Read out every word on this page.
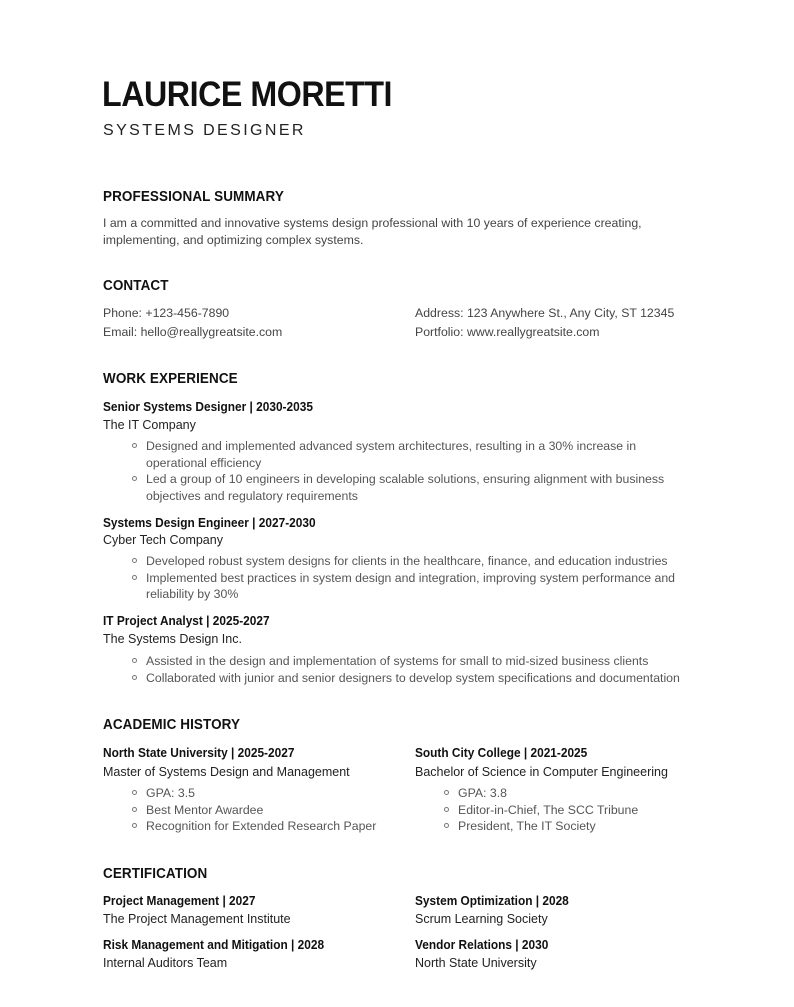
LAURICE MORETTI
SYSTEMS DESIGNER
PROFESSIONAL SUMMARY

I am a committed and innovative systems design professional with 10 years of experience creating, implementing, and optimizing complex systems.

CONTACT
Phone: +123-456-7890
Email: hello@reallygreatsite.com
Address: 123 Anywhere St., Any City, ST 12345
Portfolio: www.reallygreatsite.com
WORK EXPERIENCE
Senior Systems Designer | 2030-2035
The IT Company
Designed and implemented advanced system architectures, resulting in a 30% increase in operational efficiency
Led a group of 10 engineers in developing scalable solutions, ensuring alignment with business objectives and regulatory requirements
Systems Design Engineer | 2027-2030
Cyber Tech Company
Developed robust system designs for clients in the healthcare, finance, and education industries
Implemented best practices in system design and integration, improving system performance and reliability by 30%
IT Project Analyst | 2025-2027
The Systems Design Inc.
Assisted in the design and implementation of systems for small to mid-sized business clients
Collaborated with junior and senior designers to develop system specifications and documentation
ACADEMIC HISTORY
North State University | 2025-2027
Master of Systems Design and Management
GPA: 3.5
Best Mentor Awardee
Recognition for Extended Research Paper
South City College | 2021-2025
Bachelor of Science in Computer Engineering
GPA: 3.8
Editor-in-Chief, The SCC Tribune
President, The IT Society
CERTIFICATION
Project Management | 2027
The Project Management Institute
System Optimization | 2028
Scrum Learning Society
Risk Management and Mitigation | 2028
Internal Auditors Team
Vendor Relations | 2030
North State University
